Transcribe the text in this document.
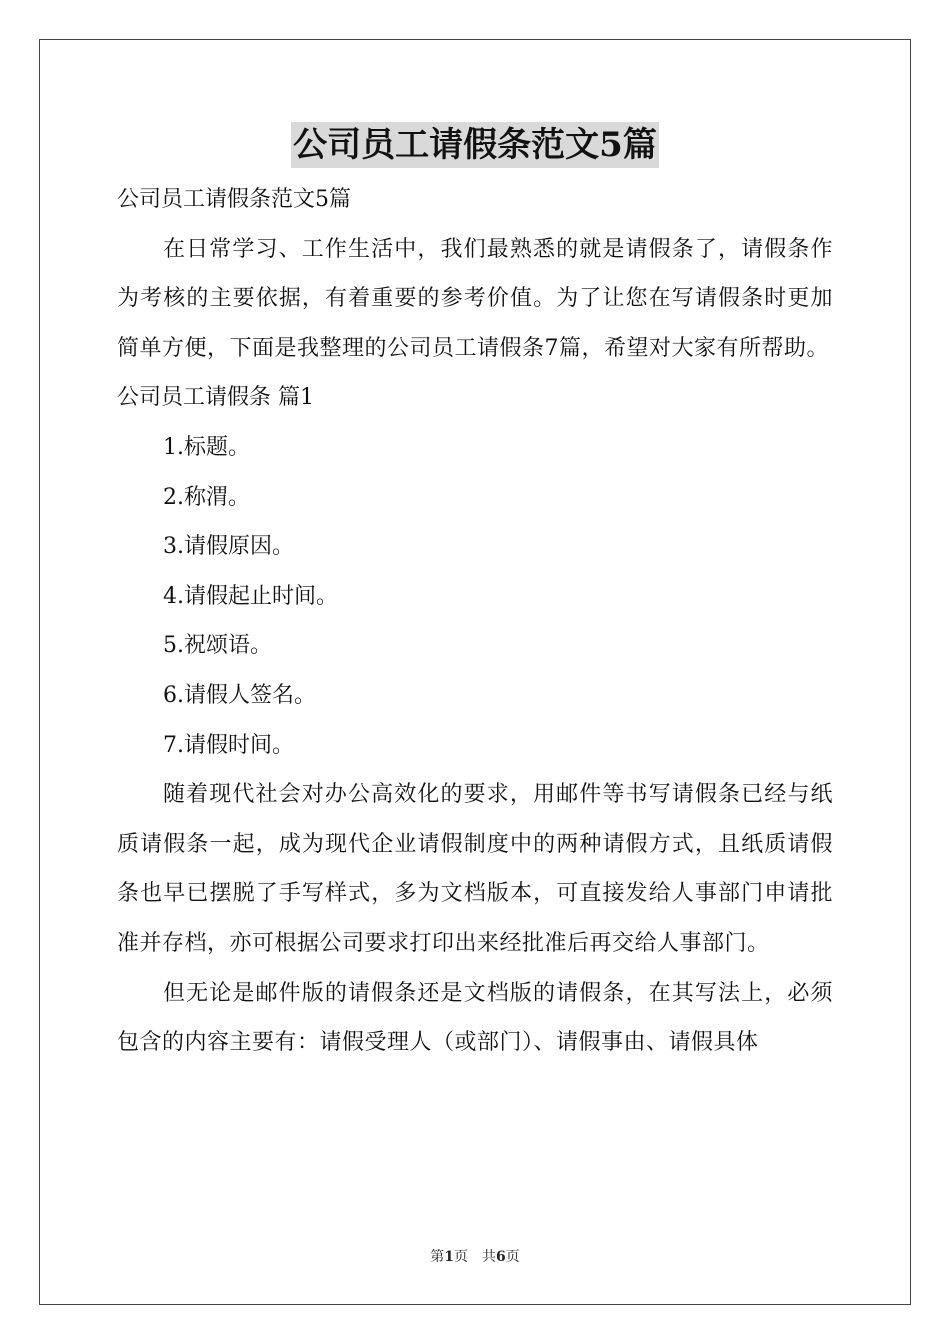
公司员工请假条范文5篇

公司员工请假条范文5篇

在日常学习、工作生活中，我们最熟悉的就是请假条了，请假条作为考核的主要依据，有着重要的参考价值。为了让您在写请假条时更加简单方便，下面是我整理的公司员工请假条7篇，希望对大家有所帮助。

公司员工请假条 篇1

1.标题。

2.称渭。

3.请假原因。

4.请假起止时间。

5.祝颂语。

6.请假人签名。

7.请假时间。

随着现代社会对办公高效化的要求，用邮件等书写请假条已经与纸质请假条一起，成为现代企业请假制度中的两种请假方式，且纸质请假条也早已摆脱了手写样式，多为文档版本，可直接发给人事部门申请批准并存档，亦可根据公司要求打印出来经批准后再交给人事部门。

但无论是邮件版的请假条还是文档版的请假条，在其写法上，必须包含的内容主要有：请假受理人（或部门）、请假事由、请假具体

第1页　共6页
